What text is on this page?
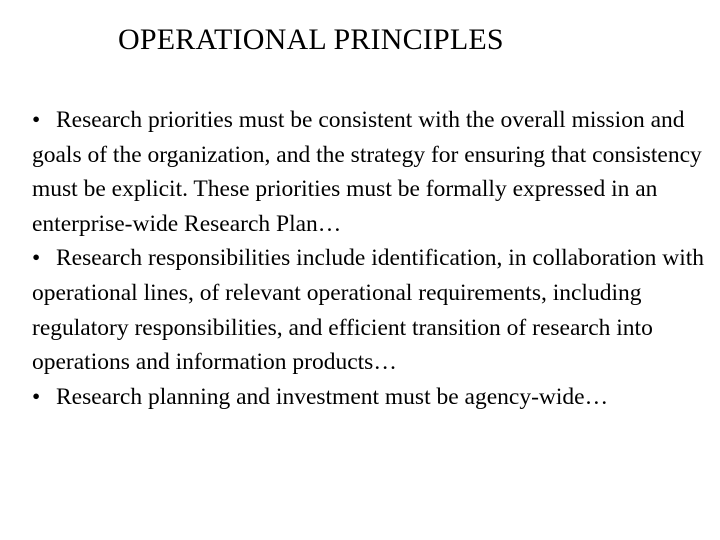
OPERATIONAL PRINCIPLES
• Research priorities must be consistent with the overall mission and goals of the organization, and the strategy for ensuring that consistency must be explicit. These priorities must be formally expressed in an enterprise-wide Research Plan…
• Research responsibilities include identification, in collaboration with operational lines, of relevant operational requirements, including regulatory responsibilities, and efficient transition of research into operations and information products…
• Research planning and investment must be agency-wide…
